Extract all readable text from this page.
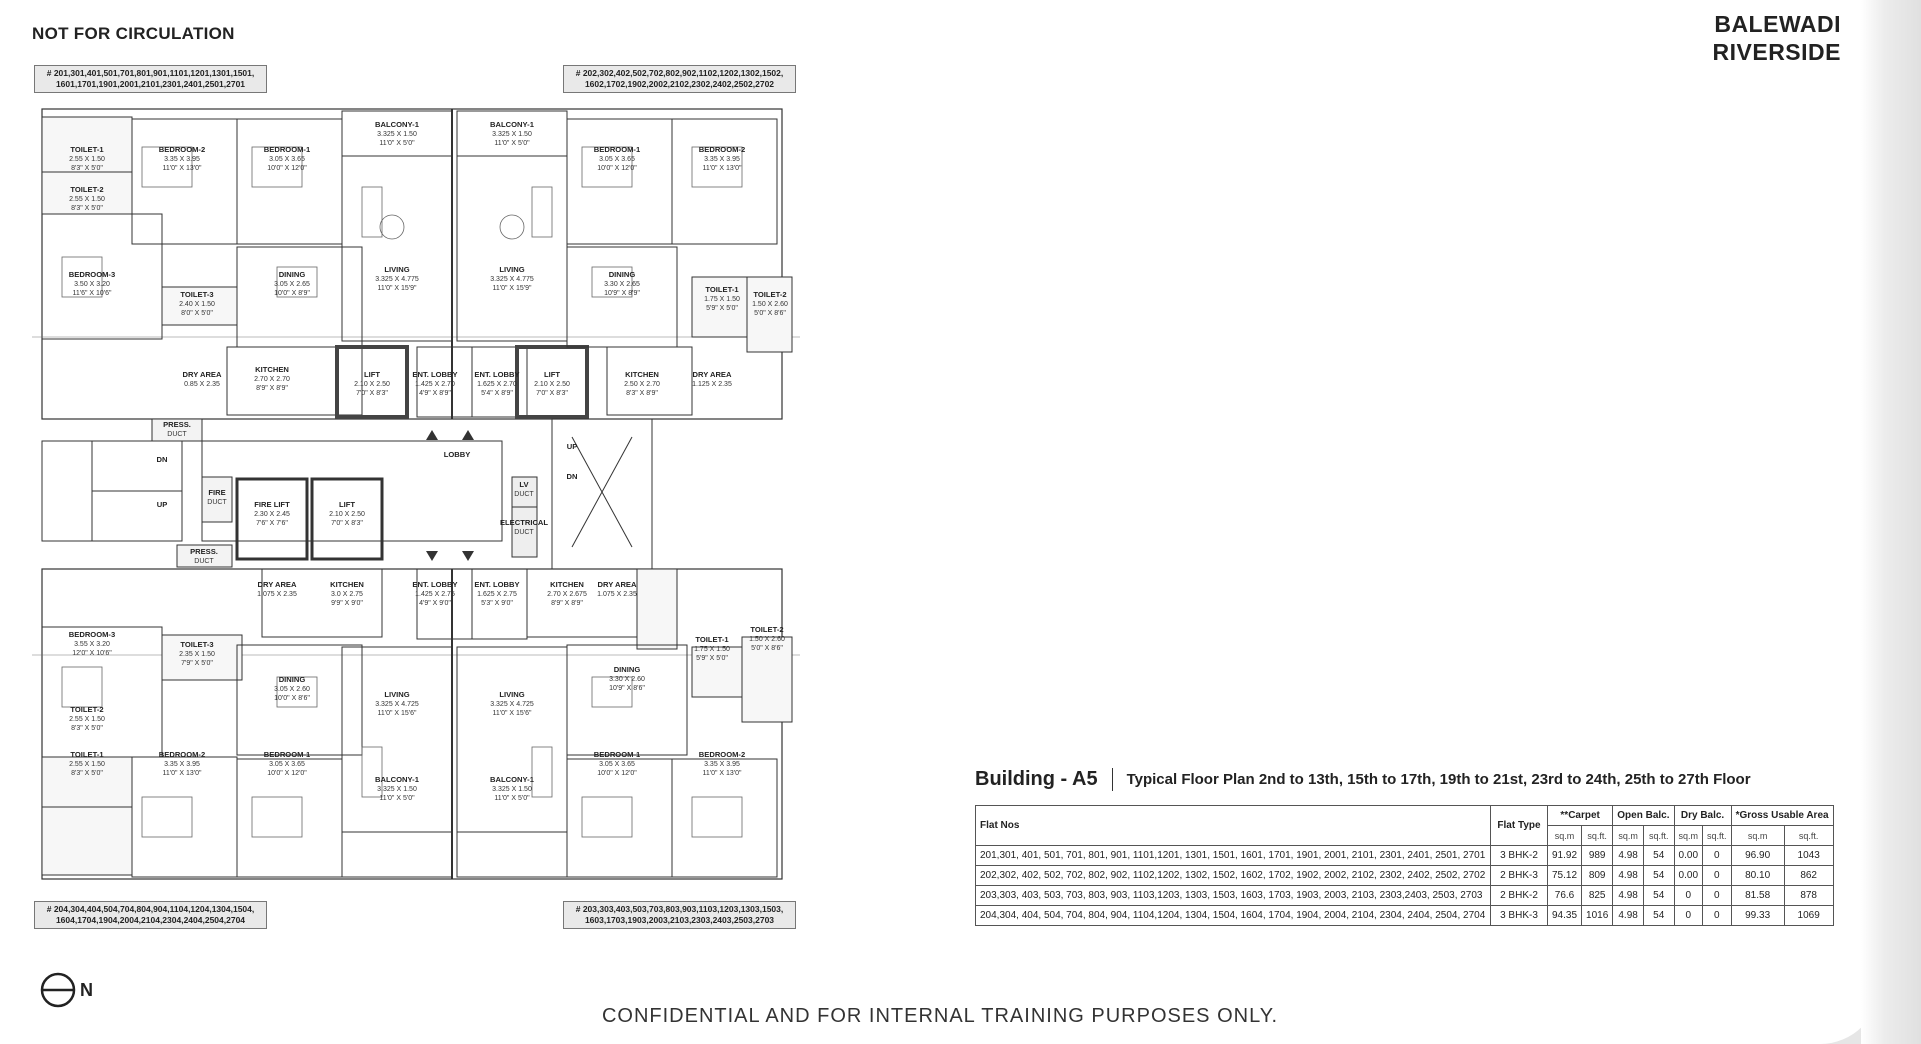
NOT FOR CIRCULATION	BALEWADI
RIVERSIDE
# 201,301,401,501,701,801,901,1101,1201,1301,1501,
1601,1701,1901,2001,2101,2301,2401,2501,2701
# 202,302,402,502,702,802,902,1102,1202,1302,1502,
1602,1702,1902,2002,2102,2302,2402,2502,2702
# 204,304,404,504,704,804,904,1104,1204,1304,1504,
1604,1704,1904,2004,2104,2304,2404,2504,2704
# 203,303,403,503,703,803,903,1103,1203,1303,1503,
1603,1703,1903,2003,2103,2303,2403,2503,2703
TOILET-1
2.55 X 1.50
8'3" X 5'0"
BEDROOM-2
3.35 X 3.95
11'0" X 13'0"
BEDROOM-1
3.05 X 3.65
10'0" X 12'0"
TOILET-2
2.55 X 1.50
8'3" X 5'0"
BEDROOM-3
3.50 X 3.20
11'6" X 10'6"	TOILET-3
2.40 X 1.50
8'0" X 5'0"
DINING
3.05 X 2.65
10'0" X 8'9"
KITCHEN
2.70 X 2.70
8'9" X 8'9"
DRY AREA
0.85 X 2.35
BALCONY-1
3.325 X 1.50
11'0" X 5'0"
LIVING
3.325 X 4.775
11'0" X 15'9"
LIFT
2.10 X 2.50
7'0" X 8'3"
ENT. LOBBY
1.425 X 2.70
4'9" X 8'9"
BALCONY-1
3.325 X 1.50
11'0" X 5'0"
LIVING
3.325 X 4.775
11'0" X 15'9"
ENT. LOBBY
1.625 X 2.70
5'4" X 8'9"
LIFT
2.10 X 2.50
7'0" X 8'3"
BEDROOM-1
3.05 X 3.65
10'0" X 12'0"
BEDROOM-2
3.35 X 3.95
11'0" X 13'0"
DINING
3.30 X 2.65
10'9" X 8'9"	TOILET-1
1.75 X 1.50
5'9" X 5'0"
TOILET-2
1.50 X 2.60
5'0" X 8'6"
KITCHEN
2.50 X 2.70
8'3" X 8'9"
DRY AREA
1.125 X 2.35
PRESS.
DUCT
LOBBY
FIRE
DUCT	FIRE LIFT
2.30 X 2.45
7'6" X 7'6"
LIFT
2.10 X 2.50
7'0" X 8'3"
PRESS.
DUCT
LV
DUCT
ELECTRICAL
DUCT
DN
UP
UP
DN
DRY AREA
1.075 X 2.35
KITCHEN
3.0 X 2.75
9'9" X 9'0"
ENT. LOBBY
1.425 X 2.75
4'9" X 9'0"
ENT. LOBBY
1.625 X 2.75
5'3" X 9'0"
KITCHEN
2.70 X 2.675
8'9" X 8'9"
DRY AREA
1.075 X 2.35
BEDROOM-3
3.55 X 3.20
12'0" X 10'6"
TOILET-3
2.35 X 1.50
7'9" X 5'0"
DINING
3.05 X 2.60
10'0" X 8'6"
TOILET-2
2.55 X 1.50
8'3" X 5'0"
TOILET-1
2.55 X 1.50
8'3" X 5'0"
BEDROOM-2
3.35 X 3.95
11'0" X 13'0"
BEDROOM-1
3.05 X 3.65
10'0" X 12'0"
LIVING
3.325 X 4.725
11'0" X 15'6"
BALCONY-1
3.325 X 1.50
11'0" X 5'0"
LIVING
3.325 X 4.725
11'0" X 15'6"
BALCONY-1
3.325 X 1.50
11'0" X 5'0"
TOILET-1
1.75 X 1.50
5'9" X 5'0"
TOILET-2
1.50 X 2.60
5'0" X 8'6"
DINING
3.30 X 2.60
10'9" X 8'6"
BEDROOM-1
3.05 X 3.65
10'0" X 12'0"
BEDROOM-2
3.35 X 3.95
11'0" X 13'0"
N
Building - A5	Typical Floor Plan 2nd to 13th, 15th to 17th, 19th to 21st, 23rd to 24th, 25th to 27th Floor
Flat Nos	Flat Type	**Carpet		Open Balc.		Dry Balc.		*Gross Usable Area	
		sq.m	sq.ft.	sq.m	sq.ft.	sq.m	sq.ft.	sq.m	sq.ft.
201,301, 401, 501, 701, 801, 901, 1101,1201, 1301, 1501, 1601, 1701, 1901, 2001, 2101, 2301, 2401, 2501, 2701	3 BHK-2	91.92	989	4.98	54	0.00	0	96.90	1043
202,302, 402, 502, 702, 802, 902, 1102,1202, 1302, 1502, 1602, 1702, 1902, 2002, 2102, 2302, 2402, 2502, 2702	2 BHK-3	75.12	809	4.98	54	0.00	0	80.10	862
203,303, 403, 503, 703, 803, 903, 1103,1203, 1303, 1503, 1603, 1703, 1903, 2003, 2103, 2303,2403, 2503, 2703	2 BHK-2	76.6	825	4.98	54	0	0	81.58	878
204,304, 404, 504, 704, 804, 904, 1104,1204, 1304, 1504, 1604, 1704, 1904, 2004, 2104, 2304, 2404, 2504, 2704	3 BHK-3	94.35	1016	4.98	54	0	0	99.33	1069
CONFIDENTIAL AND FOR INTERNAL TRAINING PURPOSES ONLY.
